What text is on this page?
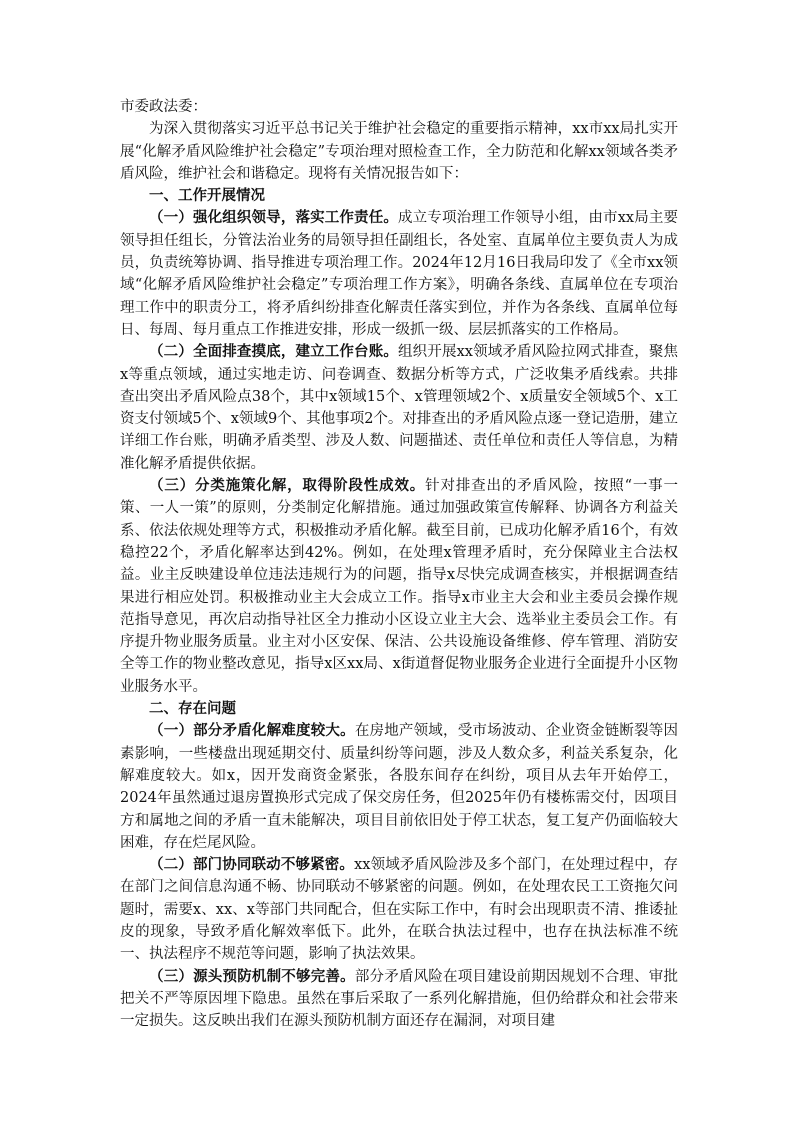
市委政法委：

为深入贯彻落实习近平总书记关于维护社会稳定的重要指示精神，xx市xx局扎实开展“化解矛盾风险维护社会稳定”专项治理对照检查工作，全力防范和化解xx领域各类矛盾风险，维护社会和谐稳定。现将有关情况报告如下：

一、工作开展情况

（一）强化组织领导，落实工作责任。成立专项治理工作领导小组，由市xx局主要领导担任组长，分管法治业务的局领导担任副组长，各处室、直属单位主要负责人为成员，负责统筹协调、指导推进专项治理工作。2024年12月16日我局印发了《全市xx领域“化解矛盾风险维护社会稳定”专项治理工作方案》，明确各条线、直属单位在专项治理工作中的职责分工，将矛盾纠纷排查化解责任落实到位，并作为各条线、直属单位每日、每周、每月重点工作推进安排，形成一级抓一级、层层抓落实的工作格局。

（二）全面排查摸底，建立工作台账。组织开展xx领域矛盾风险拉网式排查，聚焦x等重点领域，通过实地走访、问卷调查、数据分析等方式，广泛收集矛盾线索。共排查出突出矛盾风险点38个，其中x领域15个、x管理领域2个、x质量安全领域5个、x工资支付领域5个、x领域9个、其他事项2个。对排查出的矛盾风险点逐一登记造册，建立详细工作台账，明确矛盾类型、涉及人数、问题描述、责任单位和责任人等信息，为精准化解矛盾提供依据。

（三）分类施策化解，取得阶段性成效。针对排查出的矛盾风险，按照“一事一策、一人一策”的原则，分类制定化解措施。通过加强政策宣传解释、协调各方利益关系、依法依规处理等方式，积极推动矛盾化解。截至目前，已成功化解矛盾16个，有效稳控22个，矛盾化解率达到42%。例如，在处理x管理矛盾时，充分保障业主合法权益。业主反映建设单位违法违规行为的问题，指导x尽快完成调查核实，并根据调查结果进行相应处罚。积极推动业主大会成立工作。指导x市业主大会和业主委员会操作规范指导意见，再次启动指导社区全力推动小区设立业主大会、选举业主委员会工作。有序提升物业服务质量。业主对小区安保、保洁、公共设施设备维修、停车管理、消防安全等工作的物业整改意见，指导x区xx局、x街道督促物业服务企业进行全面提升小区物业服务水平。

二、存在问题

（一）部分矛盾化解难度较大。在房地产领域，受市场波动、企业资金链断裂等因素影响，一些楼盘出现延期交付、质量纠纷等问题，涉及人数众多，利益关系复杂，化解难度较大。如x，因开发商资金紧张，各股东间存在纠纷，项目从去年开始停工，2024年虽然通过退房置换形式完成了保交房任务，但2025年仍有楼栋需交付，因项目方和属地之间的矛盾一直未能解决，项目目前依旧处于停工状态，复工复产仍面临较大困难，存在烂尾风险。

（二）部门协同联动不够紧密。xx领域矛盾风险涉及多个部门，在处理过程中，存在部门之间信息沟通不畅、协同联动不够紧密的问题。例如，在处理农民工工资拖欠问题时，需要x、xx、x等部门共同配合，但在实际工作中，有时会出现职责不清、推诿扯皮的现象，导致矛盾化解效率低下。此外，在联合执法过程中，也存在执法标准不统一、执法程序不规范等问题，影响了执法效果。

（三）源头预防机制不够完善。部分矛盾风险在项目建设前期因规划不合理、审批把关不严等原因埋下隐患。虽然在事后采取了一系列化解措施，但仍给群众和社会带来一定损失。这反映出我们在源头预防机制方面还存在漏洞，对项目建
